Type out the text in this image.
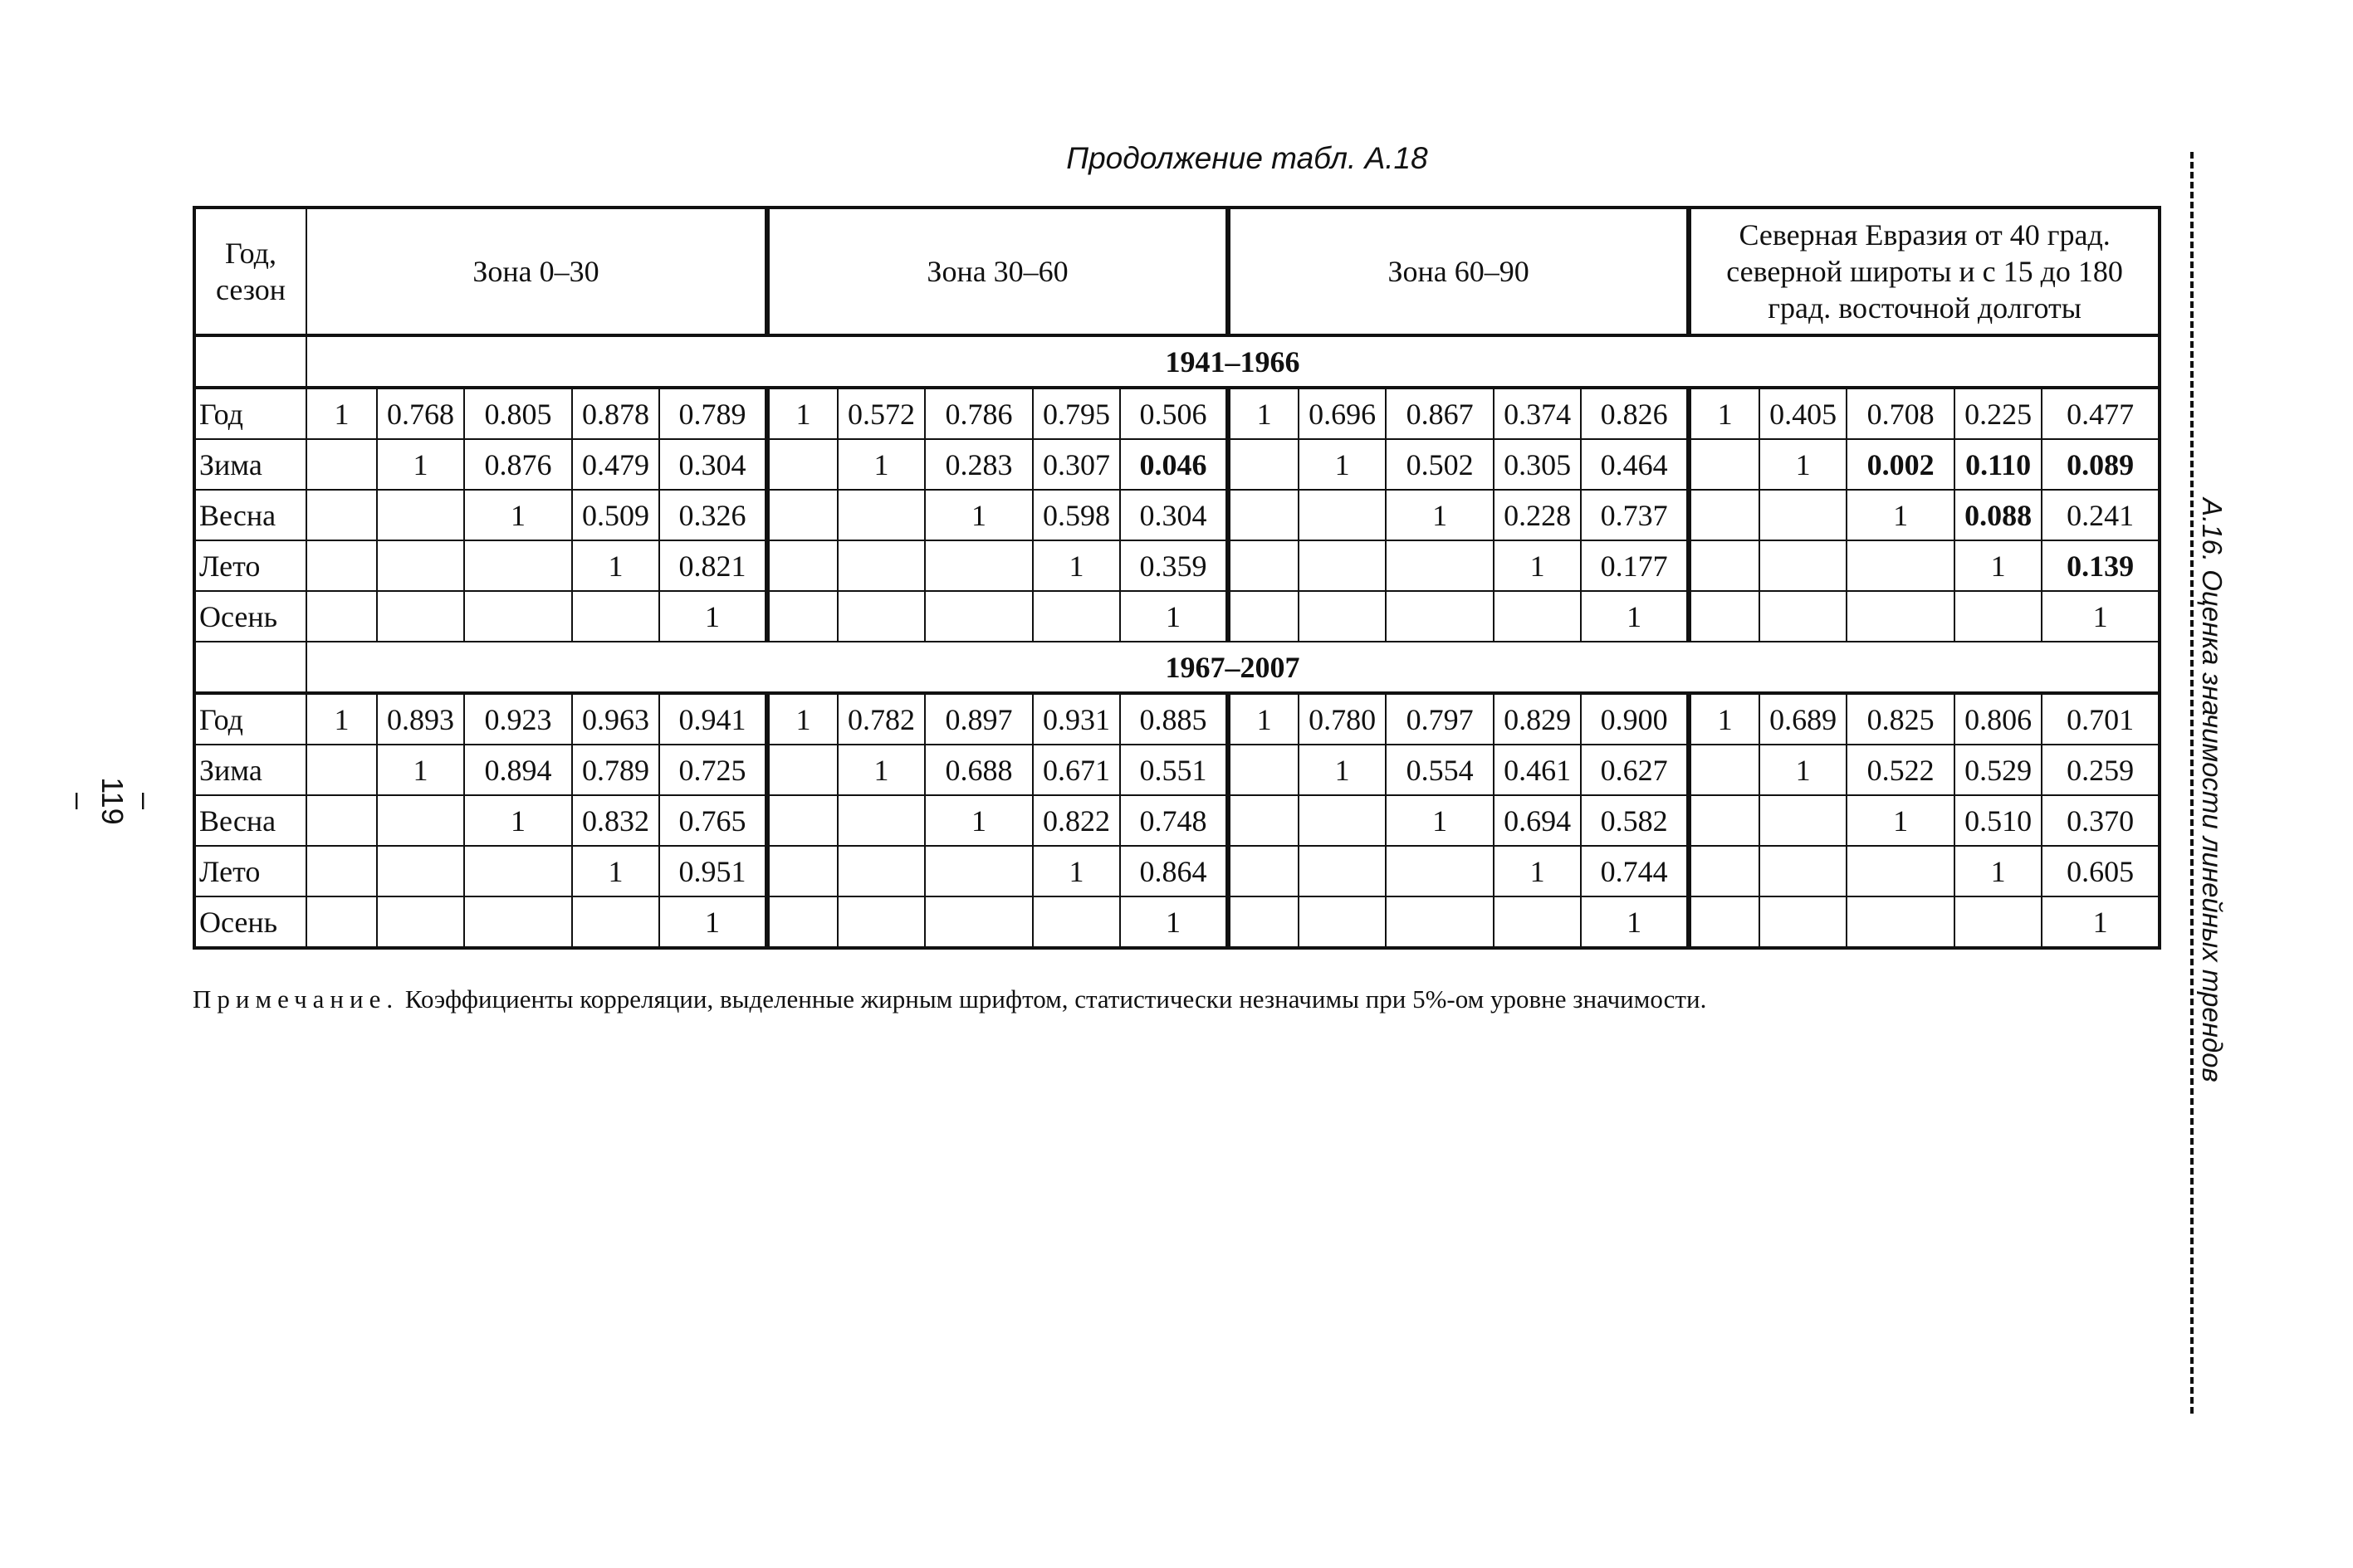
Продолжение табл. А.18
Год, сезон	Зона 0–30					Зона 30–60					Зона 60–90					Северная Евразия от 40 град. северной широты и с 15 до 180 град. восточной долготы				
	1941–1966																			
Год	1	0.768	0.805	0.878	0.789	1	0.572	0.786	0.795	0.506	1	0.696	0.867	0.374	0.826	1	0.405	0.708	0.225	0.477
Зима		1	0.876	0.479	0.304		1	0.283	0.307	0.046		1	0.502	0.305	0.464		1	0.002	0.110	0.089
Весна			1	0.509	0.326			1	0.598	0.304			1	0.228	0.737			1	0.088	0.241
Лето				1	0.821				1	0.359				1	0.177				1	0.139
Осень					1					1					1					1
	1967–2007																			
Год	1	0.893	0.923	0.963	0.941	1	0.782	0.897	0.931	0.885	1	0.780	0.797	0.829	0.900	1	0.689	0.825	0.806	0.701
Зима		1	0.894	0.789	0.725		1	0.688	0.671	0.551		1	0.554	0.461	0.627		1	0.522	0.529	0.259
Весна			1	0.832	0.765			1	0.822	0.748			1	0.694	0.582			1	0.510	0.370
Лето				1	0.951				1	0.864				1	0.744				1	0.605
Осень					1					1					1					1
Примечание. Коэффициенты корреляции, выделенные жирным шрифтом, статистически незначимы при 5%-ом уровне значимости.
– 119 –	А.16. Оценка значимости линейных трендов
